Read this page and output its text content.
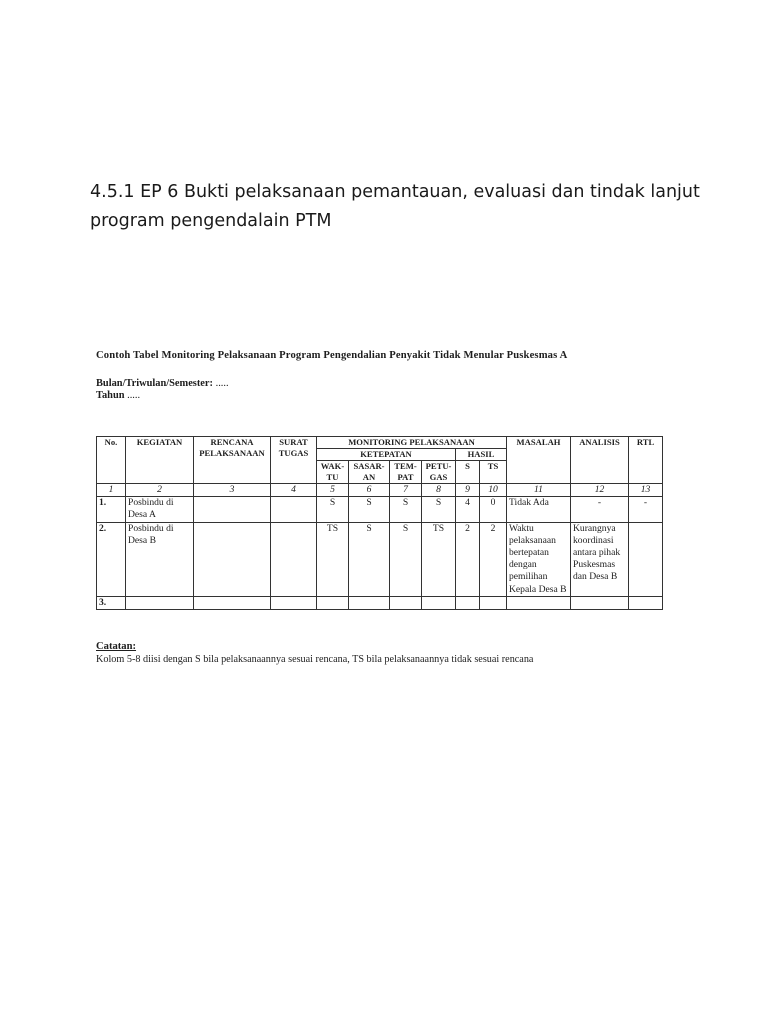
4.5.1 EP 6 Bukti pelaksanaan pemantauan, evaluasi dan tindak lanjut
program pengendalain PTM
Contoh Tabel Monitoring Pelaksanaan Program Pengendalian Penyakit Tidak Menular Puskesmas A
Bulan/Triwulan/Semester: .....
Tahun .....
No.	KEGIATAN	RENCANA PELAKSANAAN	SURAT TUGAS	MONITORING PELAKSANAAN						MASALAH	ANALISIS	RTL
				KETEPATAN				HASIL				
				WAK-TU	SASAR-AN	TEM-PAT	PETU-GAS	S	TS			
1	2	3	4	5	6	7	8	9	10	11	12	13
1.	Posbindu di Desa A			S	S	S	S	4	0	Tidak Ada	-	-
2.	Posbindu di Desa B			TS	S	S	TS	2	2	Waktu pelaksanaan bertepatan dengan pemilihan Kepala Desa B	Kurangnya koordinasi antara pihak Puskesmas dan Desa B	
3.												
Catatan:
Kolom 5-8 diisi dengan S bila pelaksanaannya sesuai rencana, TS bila pelaksanaannya tidak sesuai rencana
